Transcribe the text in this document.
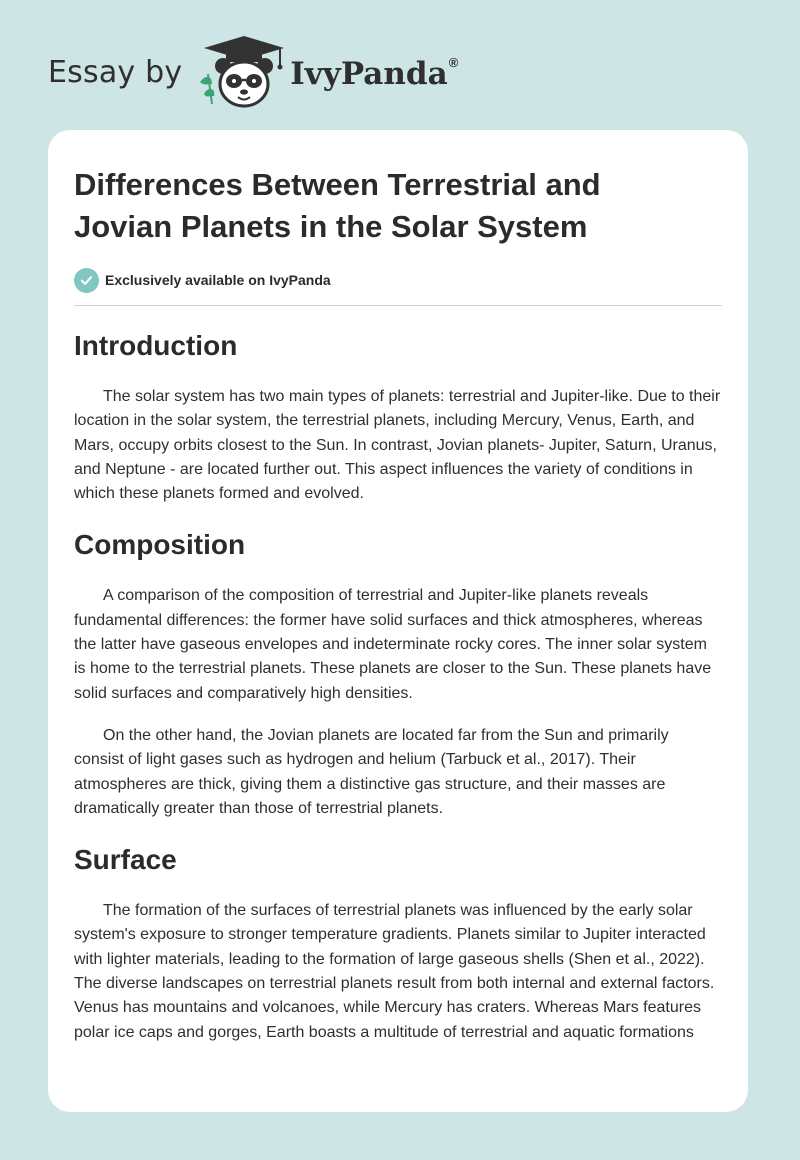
Essay by	IvyPanda®
Differences Between Terrestrial and Jovian Planets in the Solar System
Exclusively available on IvyPanda
Introduction

The solar system has two main types of planets: terrestrial and Jupiter-like. Due to their location in the solar system, the terrestrial planets, including Mercury, Venus, Earth, and Mars, occupy orbits closest to the Sun. In contrast, Jovian planets- Jupiter, Saturn, Uranus, and Neptune - are located further out. This aspect influences the variety of conditions in which these planets formed and evolved.

Composition

A comparison of the composition of terrestrial and Jupiter-like planets reveals fundamental differences: the former have solid surfaces and thick atmospheres, whereas the latter have gaseous envelopes and indeterminate rocky cores. The inner solar system is home to the terrestrial planets. These planets are closer to the Sun. These planets have solid surfaces and comparatively high densities.

On the other hand, the Jovian planets are located far from the Sun and primarily consist of light gases such as hydrogen and helium (Tarbuck et al., 2017). Their atmospheres are thick, giving them a distinctive gas structure, and their masses are dramatically greater than those of terrestrial planets.

Surface

The formation of the surfaces of terrestrial planets was influenced by the early solar system's exposure to stronger temperature gradients. Planets similar to Jupiter interacted with lighter materials, leading to the formation of large gaseous shells (Shen et al., 2022). The diverse landscapes on terrestrial planets result from both internal and external factors. Venus has mountains and volcanoes, while Mercury has craters. Whereas Mars features polar ice caps and gorges, Earth boasts a multitude of terrestrial and aquatic formations
